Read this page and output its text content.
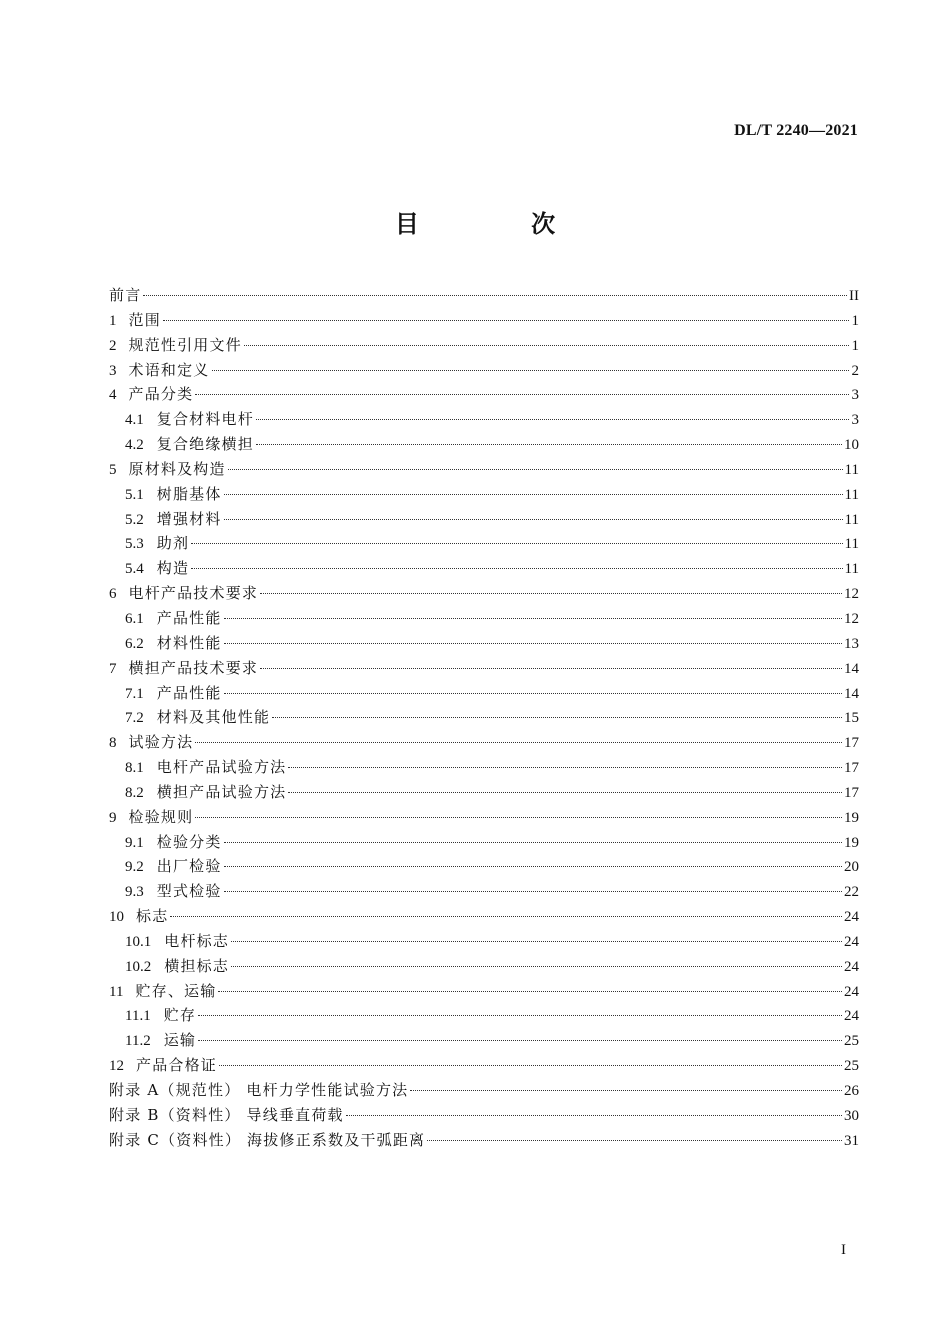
DL/T 2240—2021
目 次
前言	II
1 范围	1
2 规范性引用文件	1
3 术语和定义	2
4 产品分类	3
4.1 复合材料电杆	3
4.2 复合绝缘横担	10
5 原材料及构造	11
5.1 树脂基体	11
5.2 增强材料	11
5.3 助剂	11
5.4 构造	11
6 电杆产品技术要求	12
6.1 产品性能	12
6.2 材料性能	13
7 横担产品技术要求	14
7.1 产品性能	14
7.2 材料及其他性能	15
8 试验方法	17
8.1 电杆产品试验方法	17
8.2 横担产品试验方法	17
9 检验规则	19
9.1 检验分类	19
9.2 出厂检验	20
9.3 型式检验	22
10 标志	24
10.1 电杆标志	24
10.2 横担标志	24
11 贮存、运输	24
11.1 贮存	24
11.2 运输	25
12 产品合格证	25
附录 A（规范性） 电杆力学性能试验方法	26
附录 B（资料性） 导线垂直荷载	30
附录 C（资料性） 海拔修正系数及干弧距离	31
I
